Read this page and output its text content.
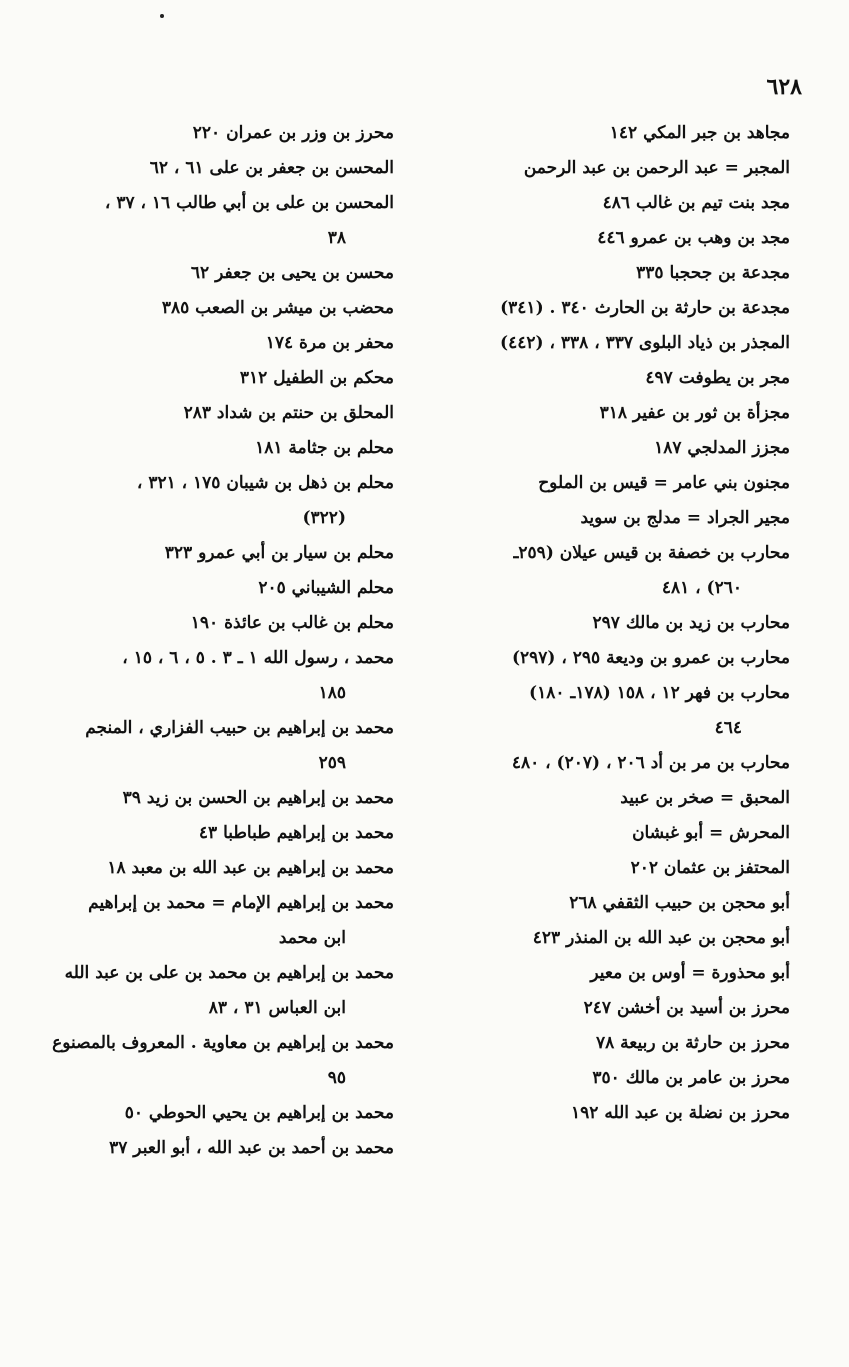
٦٢٨
مجاهد بن جبر المكي ١٤٢
المجبر = عبد الرحمن بن عبد الرحمن
مجد بنت تيم بن غالب ٤٨٦
مجد بن وهب بن عمرو ٤٤٦
مجدعة بن جحجبا ٣٣٥
مجدعة بن حارثة بن الحارث ٣٤٠ . (٣٤١)
المجذر بن ذياد البلوى ٣٣٧ ، ٣٣٨ ، (٤٤٢)
مجر بن يطوفت ٤٩٧
مجزأة بن ثور بن عفير ٣١٨
مجزز المدلجي ١٨٧
مجنون بني عامر = قيس بن الملوح
مجير الجراد = مدلج بن سويد
محارب بن خصفة بن قيس عيلان (٢٥٩ـ
٢٦٠) ، ٤٨١
محارب بن زيد بن مالك ٢٩٧
محارب بن عمرو بن وديعة ٢٩٥ ، (٢٩٧)
محارب بن فهر ١٢ ، ١٥٨ (١٧٨ـ ١٨٠)
٤٦٤
محارب بن مر بن أد ٢٠٦ ، (٢٠٧) ، ٤٨٠
المحبق = صخر بن عبيد
المحرش = أبو غبشان
المحتفز بن عثمان ٢٠٢
أبو محجن بن حبيب الثقفي ٢٦٨
أبو محجن بن عبد الله بن المنذر ٤٢٣
أبو محذورة = أوس بن معير
محرز بن أسيد بن أخشن ٢٤٧
محرز بن حارثة بن ربيعة ٧٨
محرز بن عامر بن مالك ٣٥٠
محرز بن نضلة بن عبد الله ١٩٢
محرز بن وزر بن عمران ٢٢٠
المحسن بن جعفر بن على ٦١ ، ٦٢
المحسن بن على بن أبي طالب ١٦ ، ٣٧ ،
٣٨
محسن بن يحيى بن جعفر ٦٢
محضب بن ميشر بن الصعب ٣٨٥
محفر بن مرة ١٧٤
محكم بن الطفيل ٣١٢
المحلق بن حنتم بن شداد ٢٨٣
محلم بن جثامة ١٨١
محلم بن ذهل بن شيبان ١٧٥ ، ٣٢١ ،
(٣٢٢)
محلم بن سيار بن أبي عمرو ٣٢٣
محلم الشيباني ٢٠٥
محلم بن غالب بن عائذة ١٩٠
محمد ، رسول الله ١ ـ ٣ . ٥ ، ٦ ، ١٥ ،
١٨٥
محمد بن إبراهيم بن حبيب الفزاري ، المنجم
٢٥٩
محمد بن إبراهيم بن الحسن بن زيد ٣٩
محمد بن إبراهيم طباطبا ٤٣
محمد بن إبراهيم بن عبد الله بن معبد ١٨
محمد بن إبراهيم الإمام = محمد بن إبراهيم
ابن محمد
محمد بن إبراهيم بن محمد بن على بن عبد الله
ابن العباس ٣١ ، ٨٣
محمد بن إبراهيم بن معاوية . المعروف بالمصنوع
٩٥
محمد بن إبراهيم بن يحيي الحوطي ٥٠
محمد بن أحمد بن عبد الله ، أبو العبر ٣٧
